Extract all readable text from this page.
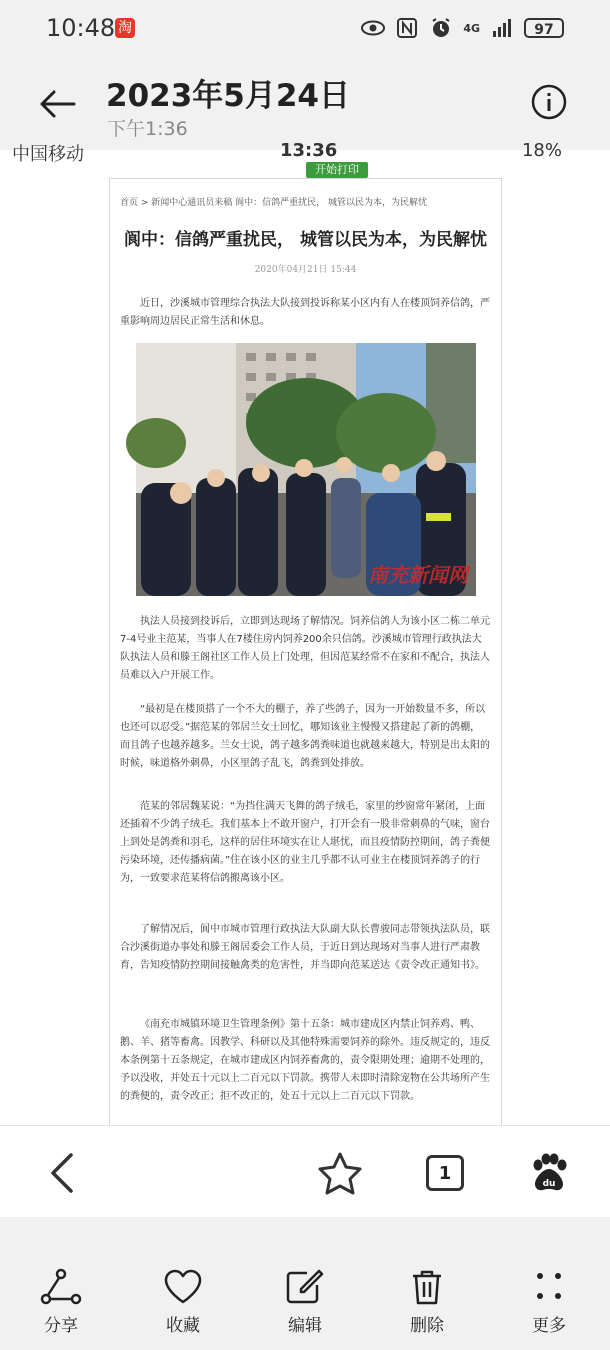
10:48 淘	4G	97
2023年5月24日
下午1:36
中国移动	13:36	18%
开始打印
首页 > 新闻中心通讯员来稿 阆中：信鸽严重扰民， 城管以民为本，为民解忧
阆中：信鸽严重扰民， 城管以民为本，为民解忧
2020年04月21日 15:44

近日，沙溪城市管理综合执法大队接到投诉称某小区内有人在楼顶饲养信鸽，严重影响周边居民正常生活和休息。

南充新闻网

执法人员接到投诉后，立即到达现场了解情况。饲养信鸽人为该小区二栋二单元7-4号业主范某，当事人在7楼住房内饲养200余只信鸽。沙溪城市管理行政执法大队执法人员和滕王阁社区工作人员上门处理，但因范某经常不在家和不配合，执法人员难以入户开展工作。

“最初是在楼顶搭了一个不大的棚子，养了些鸽子，因为一开始数量不多，所以也还可以忍受。”据范某的邻居兰女士回忆，哪知该业主慢慢又搭建起了新的鸽棚，而且鸽子也越养越多。兰女士说，鸽子越多鸽粪味道也就越来越大，特别是出太阳的时候，味道格外刺鼻，小区里鸽子乱飞，鸽粪到处排放。

范某的邻居魏某说：“为挡住满天飞舞的鸽子绒毛，家里的纱窗常年紧闭，上面还插着不少鸽子绒毛。我们基本上不敢开窗户，打开会有一股非常刺鼻的气味，窗台上到处是鸽粪和羽毛，这样的居住环境实在让人堪忧，而且疫情防控期间，鸽子粪便污染环境，还传播病菌。”住在该小区的业主几乎都不认可业主在楼顶饲养鸽子的行为，一致要求范某将信鸽搬离该小区。

了解情况后，阆中市城市管理行政执法大队副大队长曹骏同志带领执法队员，联合沙溪街道办事处和滕王阁居委会工作人员，于近日到达现场对当事人进行严肃教育，告知疫情防控期间接触禽类的危害性，并当即向范某送达《责令改正通知书》。

《南充市城镇环境卫生管理条例》第十五条：城市建成区内禁止饲养鸡、鸭、鹅、羊、猪等畜禽。因教学、科研以及其他特殊需要饲养的除外。违反规定的，违反本条例第十五条规定，在城市建成区内饲养畜禽的，责令限期处理；逾期不处理的，予以没收，并处五十元以上二百元以下罚款。携带人未即时清除宠物在公共场所产生的粪便的，责令改正；拒不改正的，处五十元以上二百元以下罚款。

1
du
分享	收藏	编辑	删除	更多
